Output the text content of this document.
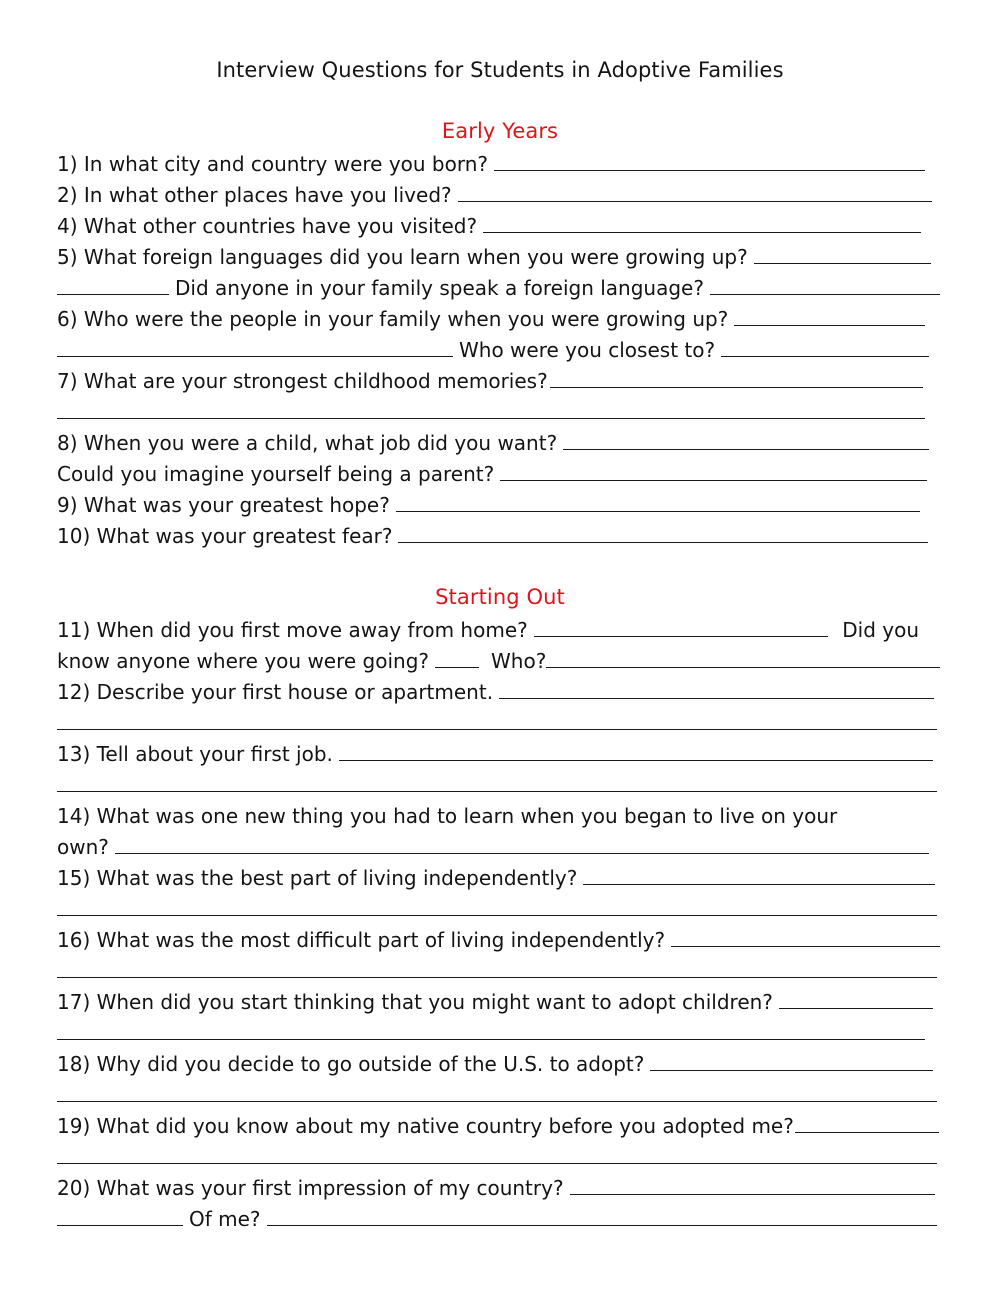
Interview Questions for Students in Adoptive Families
Early Years
1) In what city and country were you born?
2) In what other places have you lived?
4) What other countries have you visited?
5) What foreign languages did you learn when you were growing up?
Did anyone in your family speak a foreign language?
6) Who were the people in your family when you were growing up?
Who were you closest to?
7) What are your strongest childhood memories?
8) When you were a child, what job did you want?
Could you imagine yourself being a parent?
9) What was your greatest hope?
10) What was your greatest fear?
Starting Out
11) When did you first move away from home?	Did you
know anyone where you were going?	Who?
12) Describe your first house or apartment.
13) Tell about your first job.
14) What was one new thing you had to learn when you began to live on your
own?
15) What was the best part of living independently?
16) What was the most difficult part of living independently?
17) When did you start thinking that you might want to adopt children?
18) Why did you decide to go outside of the U.S. to adopt?
19) What did you know about my native country before you adopted me?
20) What was your first impression of my country?
Of me?
